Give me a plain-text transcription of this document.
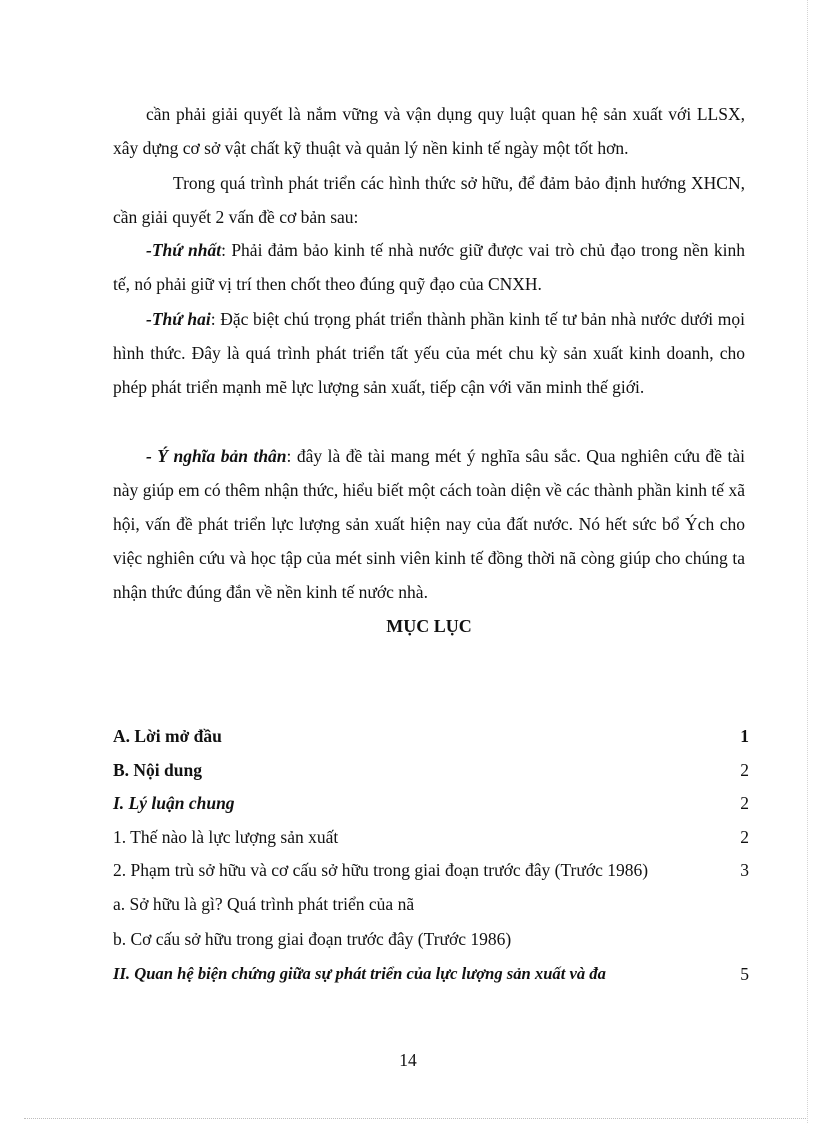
cần phải giải quyết là nắm vững và vận dụng quy luật quan hệ sản xuất với LLSX, xây dựng cơ sở vật chất kỹ thuật và quản lý nền kinh tế ngày một tốt hơn.
Trong quá trình phát triển các hình thức sở hữu, để đảm bảo định hướng XHCN, cần giải quyết 2 vấn đề cơ bản sau:
-Thứ nhất: Phải đảm bảo kinh tế nhà nước giữ được vai trò chủ đạo trong nền kinh tế, nó phải giữ vị trí then chốt theo đúng quỹ đạo của CNXH.
-Thứ hai: Đặc biệt chú trọng phát triển thành phần kinh tế tư bản nhà nước dưới mọi hình thức. Đây là quá trình phát triển tất yếu của mét chu kỳ sản xuất kinh doanh, cho phép phát triển mạnh mẽ lực lượng sản xuất, tiếp cận với văn minh thế giới.
- Ý nghĩa bản thân: đây là đề tài mang mét ý nghĩa sâu sắc. Qua nghiên cứu đề tài này giúp em có thêm nhận thức, hiểu biết một cách toàn diện về các thành phần kinh tế xã hội, vấn đề phát triển lực lượng sản xuất hiện nay của đất nước. Nó hết sức bổ Ých cho việc nghiên cứu và học tập của mét sinh viên kinh tế đồng thời nã còng giúp cho chúng ta nhận thức đúng đắn về nền kinh tế nước nhà.
MỤC LỤC
A. Lời mở đầu	1
B. Nội dung	2
I. Lý luận chung	2
1. Thế nào là lực lượng sản xuất	2
2. Phạm trù sở hữu và cơ cấu sở hữu trong giai đoạn trước đây (Trước 1986)	3
a. Sở hữu là gì? Quá trình phát triển của nã
b. Cơ cấu sở hữu trong giai đoạn trước đây (Trước 1986)
II. Quan hệ biện chứng giữa sự phát triển của lực lượng sản xuất và đa	5
14
